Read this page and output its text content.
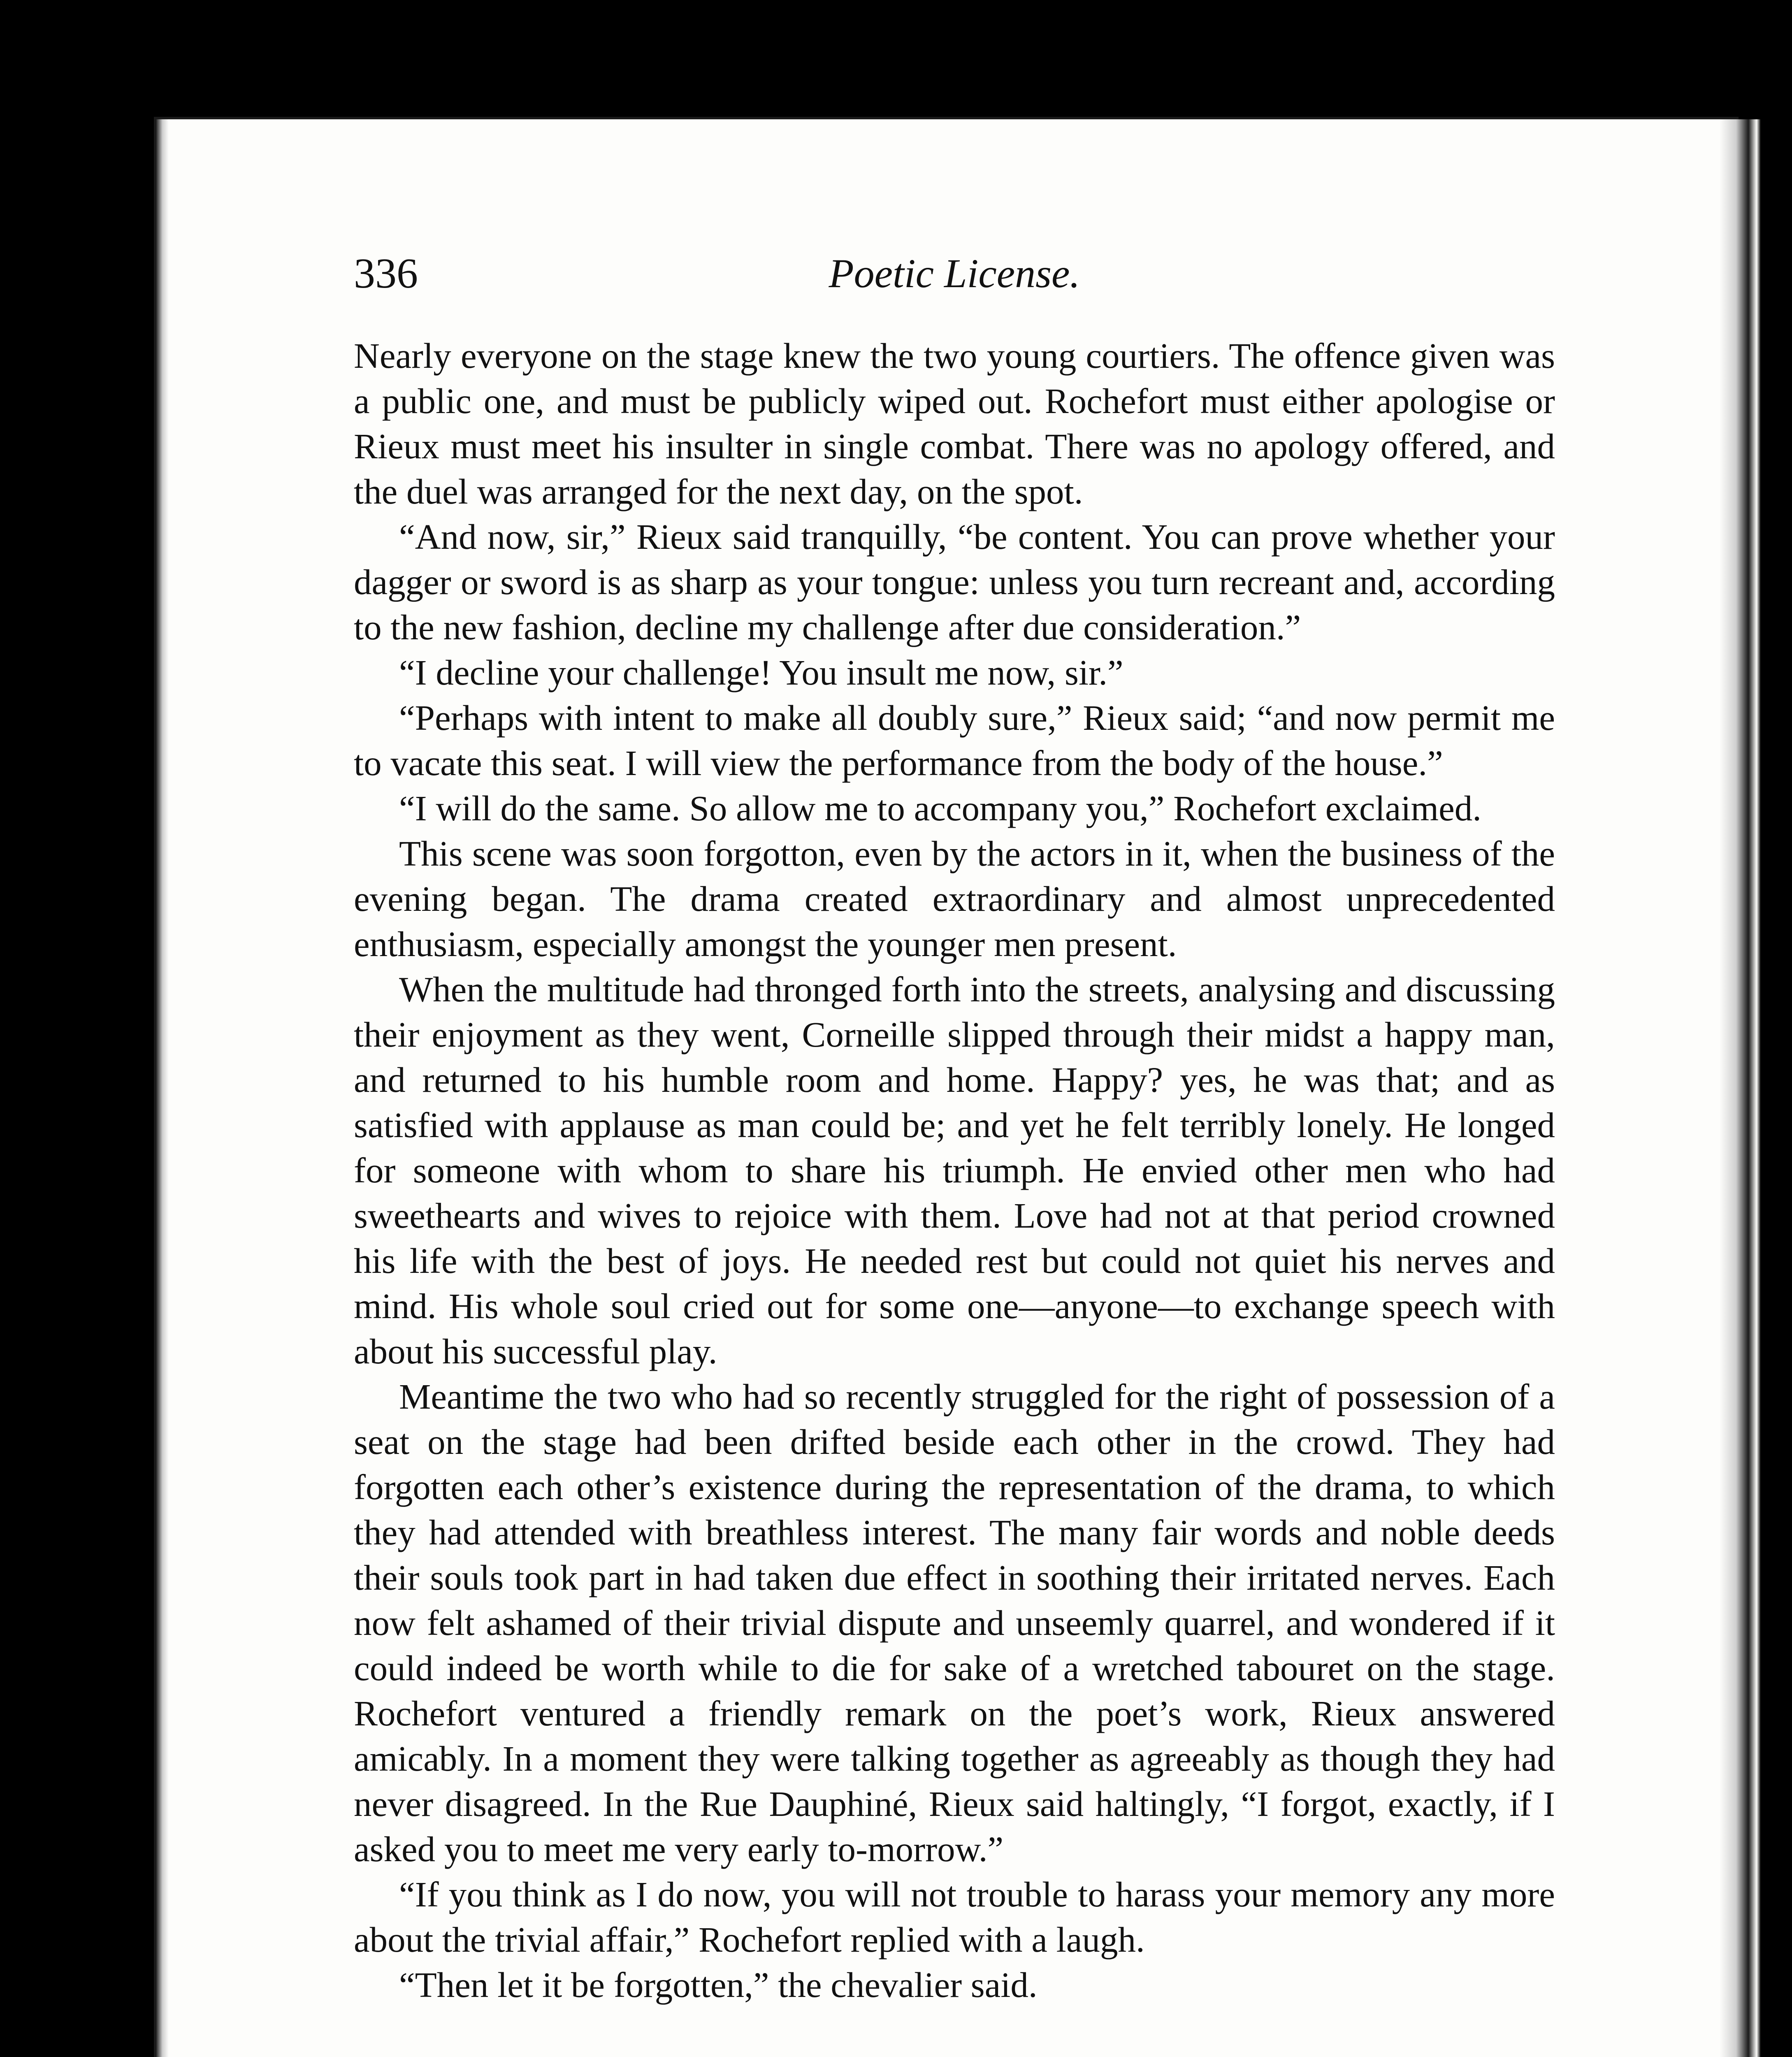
336	Poetic License.

Nearly everyone on the stage knew the two young courtiers. The offence given was a public one, and must be publicly wiped out. Rochefort must either apologise or Rieux must meet his insulter in single combat. There was no apology offered, and the duel was arranged for the next day, on the spot.

“And now, sir,” Rieux said tranquilly, “be content. You can prove whether your dagger or sword is as sharp as your tongue: unless you turn recreant and, according to the new fashion, decline my challenge after due consideration.”

“I decline your challenge! You insult me now, sir.”

“Perhaps with intent to make all doubly sure,” Rieux said; “and now permit me to vacate this seat. I will view the performance from the body of the house.”

“I will do the same. So allow me to accompany you,” Rochefort exclaimed.

This scene was soon forgotton, even by the actors in it, when the business of the evening began. The drama created extraordinary and almost unprecedented enthusiasm, especially amongst the younger men present.

When the multitude had thronged forth into the streets, analysing and discussing their enjoyment as they went, Corneille slipped through their midst a happy man, and returned to his humble room and home. Happy? yes, he was that; and as satisfied with applause as man could be; and yet he felt terribly lonely. He longed for someone with whom to share his triumph. He envied other men who had sweethearts and wives to rejoice with them. Love had not at that period crowned his life with the best of joys. He needed rest but could not quiet his nerves and mind. His whole soul cried out for some one—anyone—to exchange speech with about his successful play.

Meantime the two who had so recently struggled for the right of possession of a seat on the stage had been drifted beside each other in the crowd. They had forgotten each other’s existence during the representation of the drama, to which they had attended with breathless interest. The many fair words and noble deeds their souls took part in had taken due effect in soothing their irritated nerves. Each now felt ashamed of their trivial dispute and unseemly quarrel, and wondered if it could indeed be worth while to die for sake of a wretched tabouret on the stage. Rochefort ventured a friendly remark on the poet’s work, Rieux answered amicably. In a moment they were talking together as agreeably as though they had never disagreed. In the Rue Dauphiné, Rieux said haltingly, “I forgot, exactly, if I asked you to meet me very early to-morrow.”

“If you think as I do now, you will not trouble to harass your memory any more about the trivial affair,” Rochefort replied with a laugh.

“Then let it be forgotten,” the chevalier said.
